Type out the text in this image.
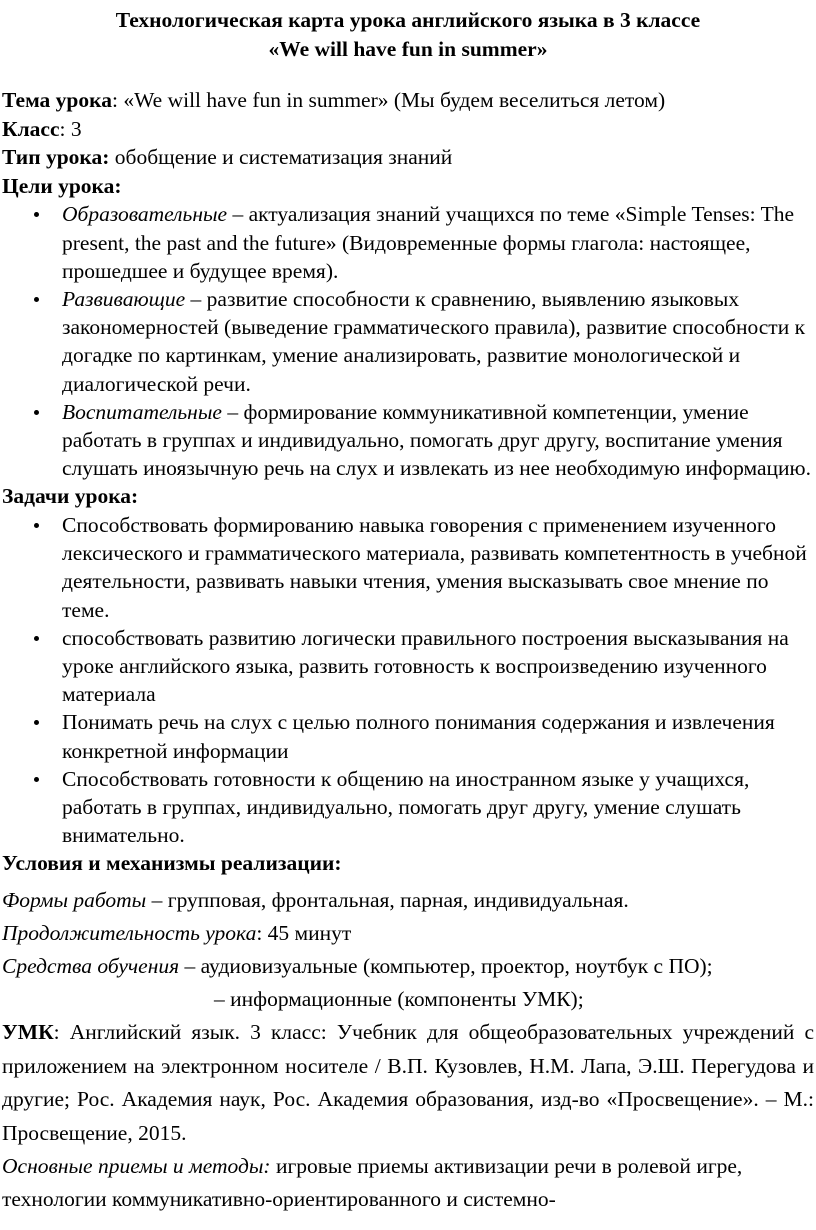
Технологическая карта урока английского языка в 3 классе
«We will have fun in summer»

Тема урока: «We will have fun in summer» (Мы будем веселиться летом)

Класс: 3

Тип урока: обобщение и систематизация знаний

Цели урока:

Образовательные – актуализация знаний учащихся по теме «Simple Tenses: The present, the past and the future» (Видовременные формы глагола: настоящее, прошедшее и будущее время).
Развивающие – развитие способности к сравнению, выявлению языковых закономерностей (выведение грамматического правила), развитие способности к догадке по картинкам, умение анализировать, развитие монологической и диалогической речи.
Воспитательные – формирование коммуникативной компетенции, умение работать в группах и индивидуально, помогать друг другу, воспитание умения слушать иноязычную речь на слух и извлекать из нее необходимую информацию.

Задачи урока:

Способствовать формированию навыка говорения с применением изученного лексического и грамматического материала, развивать компетентность в учебной деятельности, развивать навыки чтения, умения высказывать свое мнение по теме.
способствовать развитию логически правильного построения высказывания на уроке английского языка, развить готовность к воспроизведению изученного материала
Понимать речь на слух с целью полного понимания содержания и извлечения конкретной информации
Способствовать готовности к общению на иностранном языке у учащихся, работать в группах, индивидуально, помогать друг другу, умение слушать внимательно.

Условия и механизмы реализации:

Формы работы – групповая, фронтальная, парная, индивидуальная.

Продолжительность урока: 45 минут

Средства обучения – аудиовизуальные (компьютер, проектор, ноутбук с ПО);

– информационные (компоненты УМК);

УМК: Английский язык. 3 класс: Учебник для общеобразовательных учреждений с приложением на электронном носителе / В.П. Кузовлев, Н.М. Лапа, Э.Ш. Перегудова и другие; Рос. Академия наук, Рос. Академия образования, изд-во «Просвещение». – М.: Просвещение, 2015.

Основные приемы и методы: игровые приемы активизации речи в ролевой игре, технологии коммуникативно-ориентированного и системно-
